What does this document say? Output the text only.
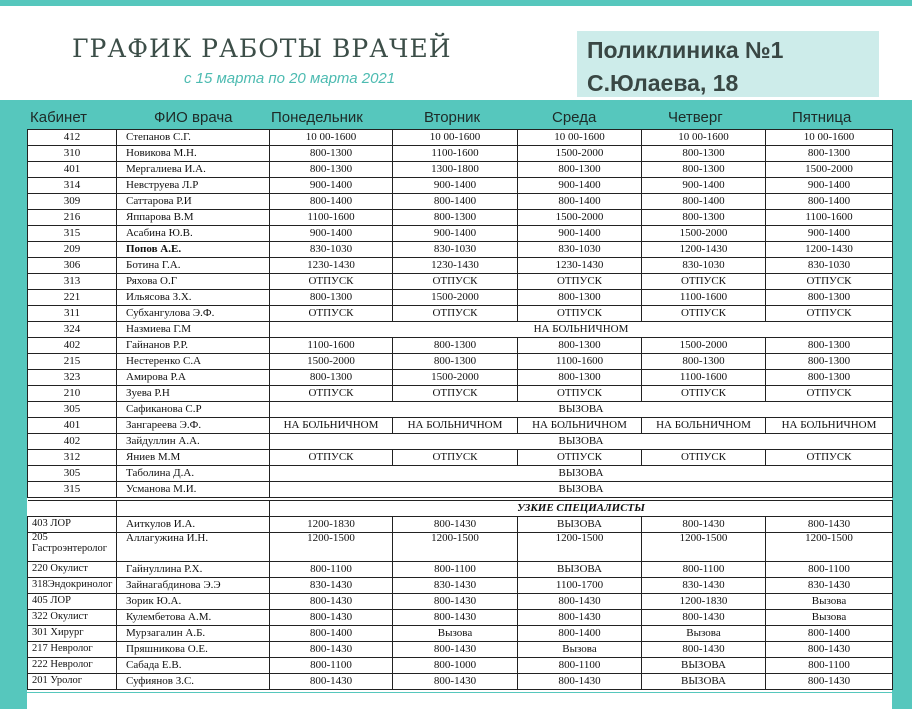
ГРАФИК РАБОТЫ ВРАЧЕЙ
с 15 марта по 20 марта 2021
Поликлиника №1
С.Юлаева, 18
Кабинет	ФИО врача	Понедельник	Вторник	Среда	Четверг	Пятница
412	Степанов С.Г.	10 00-1600	10 00-1600	10 00-1600	10 00-1600	10 00-1600
310	Новикова М.Н.	800-1300	1100-1600	1500-2000	800-1300	800-1300
401	Мергалиева И.А.	800-1300	1300-1800	800-1300	800-1300	1500-2000
314	Невструева Л.Р	900-1400	900-1400	900-1400	900-1400	900-1400
309	Саттарова Р.И	800-1400	800-1400	800-1400	800-1400	800-1400
216	Яппарова В.М	1100-1600	800-1300	1500-2000	800-1300	1100-1600
315	Асабина Ю.В.	900-1400	900-1400	900-1400	1500-2000	900-1400
209	Попов А.Е.	830-1030	830-1030	830-1030	1200-1430	1200-1430
306	Ботина Г.А.	1230-1430	1230-1430	1230-1430	830-1030	830-1030
313	Ряхова О.Г	ОТПУСК	ОТПУСК	ОТПУСК	ОТПУСК	ОТПУСК
221	Ильясова З.Х.	800-1300	1500-2000	800-1300	1100-1600	800-1300
311	Субхангулова Э.Ф.	ОТПУСК	ОТПУСК	ОТПУСК	ОТПУСК	ОТПУСК
324	Назмиева Г.М	НА БОЛЬНИЧНОМ				
402	Гайнанов Р.Р.	1100-1600	800-1300	800-1300	1500-2000	800-1300
215	Нестеренко С.А	1500-2000	800-1300	1100-1600	800-1300	800-1300
323	Амирова Р.А	800-1300	1500-2000	800-1300	1100-1600	800-1300
210	Зуева Р.Н	ОТПУСК	ОТПУСК	ОТПУСК	ОТПУСК	ОТПУСК
305	Сафиканова С.Р	ВЫЗОВА				
401	Зангареева Э.Ф.	НА БОЛЬНИЧНОМ	НА БОЛЬНИЧНОМ	НА БОЛЬНИЧНОМ	НА БОЛЬНИЧНОМ	НА БОЛЬНИЧНОМ
402	Зайдуллин А.А.	ВЫЗОВА				
312	Яниев М.М	ОТПУСК	ОТПУСК	ОТПУСК	ОТПУСК	ОТПУСК
305	Таболина Д.А.	ВЫЗОВА				
315	Усманова М.И.	ВЫЗОВА				
		УЗКИЕ СПЕЦИАЛИСТЫ				
403 ЛОР	Аиткулов И.А.	1200-1830	800-1430	ВЫЗОВА	800-1430	800-1430
205 Гастроэнтеролог	Аллагужина И.Н.	1200-1500	1200-1500	1200-1500	1200-1500	1200-1500
220 Окулист	Гайнуллина Р.Х.	800-1100	800-1100	ВЫЗОВА	800-1100	800-1100
318Эндокринолог	Зайнагабдинова Э.Э	830-1430	830-1430	1100-1700	830-1430	830-1430
405 ЛОР	Зорик Ю.А.	800-1430	800-1430	800-1430	1200-1830	Вызова
322 Окулист	Кулембетова А.М.	800-1430	800-1430	800-1430	800-1430	Вызова
301 Хирург	Мурзагалин А.Б.	800-1400	Вызова	800-1400	Вызова	800-1400
217 Невролог	Пряшникова О.Е.	800-1430	800-1430	Вызова	800-1430	800-1430
222 Невролог	Сабада Е.В.	800-1100	800-1000	800-1100	ВЫЗОВА	800-1100
201 Уролог	Суфиянов З.С.	800-1430	800-1430	800-1430	ВЫЗОВА	800-1430
